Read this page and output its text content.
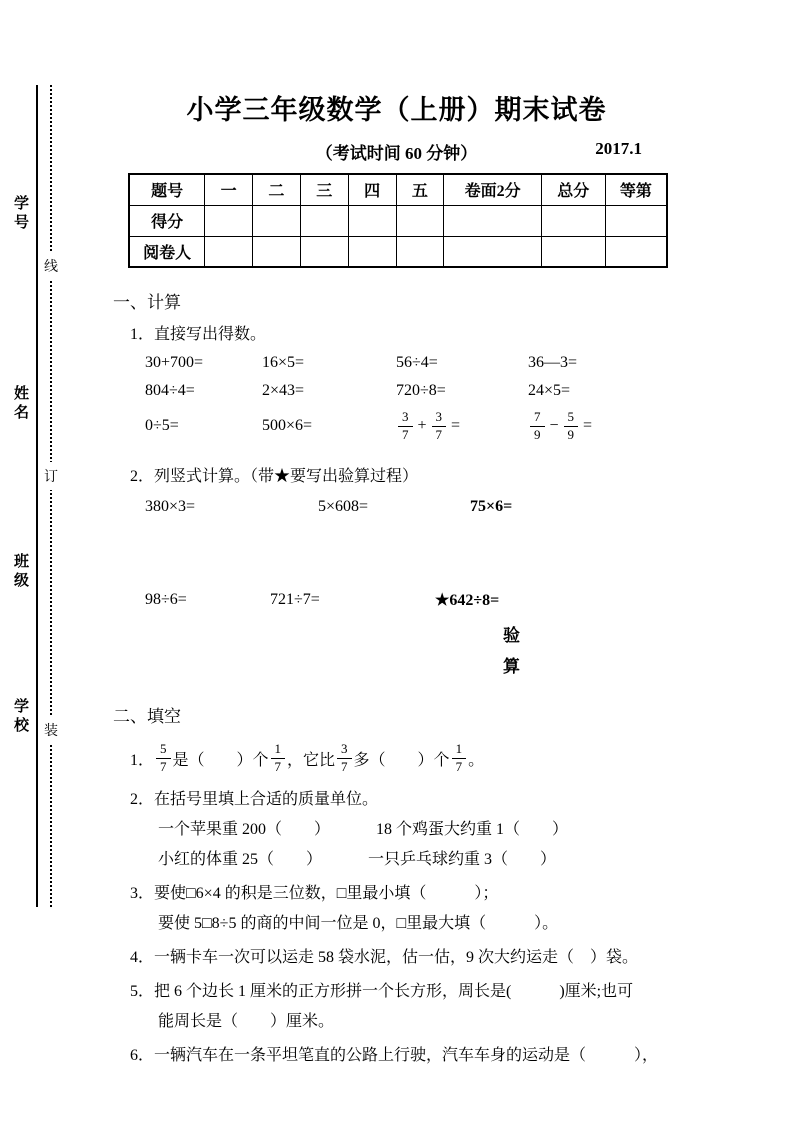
学号
姓名
班级
学校
线
订
装
小学三年级数学（上册）期末试卷
（考试时间 60 分钟）	2017.1
题号	一	二	三	四	五	卷面2分	总分	等第
得分								
阅卷人								
一、计算
1．直接写出得数。
30+700=	16×5=	56÷4=	36—3=
804÷4=	2×43=	720÷8=	24×5=
0÷5=	500×6=	$\frac{3}{7} + \frac{3}{7}$ =	$\frac{7}{9} - \frac{5}{9}$ =
2．列竖式计算。（带★要写出验算过程）
380×3=	5×608=	75×6=
98÷6=	721÷7=	★642÷8=
验
算
二、填空
1． $\frac{5}{7}$ 是（　　）个 $\frac{1}{7}$ ，它比 $\frac{3}{7}$ 多（　　）个 $\frac{1}{7}$ 。
2． 在括号里填上合适的质量单位。
一个苹果重 200（　　）	18 个鸡蛋大约重 1（　　）
小红的体重 25（　　）	一只乒乓球约重 3（　　）
3． 要使□6×4 的积是三位数，□里最小填（　　　）；
要使 5□8÷5 的商的中间一位是 0，□里最大填（　　　）。
4． 一辆卡车一次可以运走 58 袋水泥，估一估，9 次大约运走（　）袋。
5． 把 6 个边长 1 厘米的正方形拼一个长方形，周长是(　　　)厘米;也可
能周长是（　　）厘米。
6． 一辆汽车在一条平坦笔直的公路上行驶，汽车车身的运动是（　　　），
